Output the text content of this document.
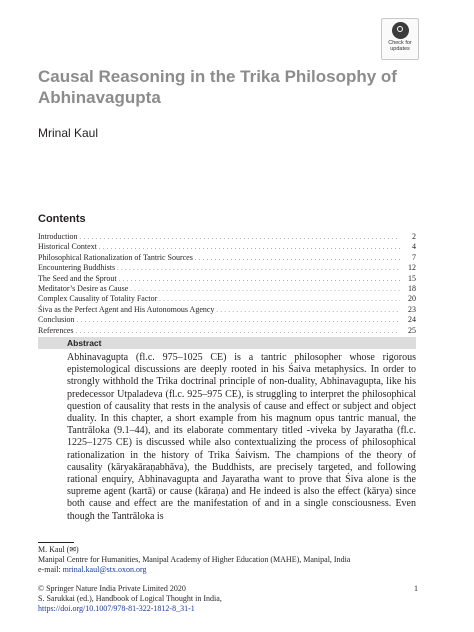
Check for
updates
Causal Reasoning in the Trika Philosophy of Abhinavagupta
Mrinal Kaul
Contents
Introduction . . .	2
Historical Context . . .	4
Philosophical Rationalization of Tantric Sources . . .	7
Encountering Buddhists . . .	12
The Seed and the Sprout . . .	15
Meditator’s Desire as Cause . . .	18
Complex Causality of Totality Factor . . .	20
Śiva as the Perfect Agent and His Autonomous Agency . . .	23
Conclusion . . .	24
References . . .	25
Abstract

Abhinavagupta (fl.c. 975–1025 CE) is a tantric philosopher whose rigorous epistemological discussions are deeply rooted in his Śaiva metaphysics. In order to strongly withhold the Trika doctrinal principle of non-duality, Abhinavagupta, like his predecessor Utpaladeva (fl.c. 925–975 CE), is struggling to interpret the philosophical question of causality that rests in the analysis of cause and effect or subject and object duality. In this chapter, a short example from his magnum opus tantric manual, the Tantrāloka (9.1–44), and its elaborate commentary titled -viveka by Jayaratha (fl.c. 1225–1275 CE) is discussed while also contextualizing the process of philosophical rationalization in the history of Trika Śaivism. The champions of the theory of causality (kāryakāraṇabhāva), the Buddhists, are precisely targeted, and following rational enquiry, Abhinavagupta and Jayaratha want to prove that Śiva alone is the supreme agent (kartā) or cause (kāraṇa) and He indeed is also the effect (kārya) since both cause and effect are the manifestation of and in a single consciousness. Even though the Tantrāloka is

M. Kaul (✉)
Manipal Centre for Humanities, Manipal Academy of Higher Education (MAHE), Manipal, India
e-mail: mrinal.kaul@stx.oxon.org
© Springer Nature India Private Limited 2020
S. Sarukkai (ed.), Handbook of Logical Thought in India,
https://doi.org/10.1007/978-81-322-1812-8_31-1
1
